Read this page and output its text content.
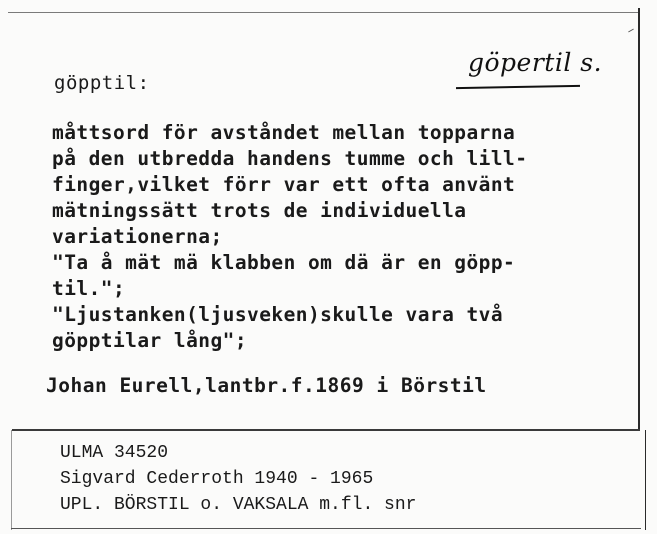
göpptil:
göpertil s.
måttsord för avståndet mellan topparna
på den utbredda handens tumme och lill-
finger,vilket förr var ett ofta använt
mätningssätt trots de individuella
variationerna;
"Ta å mät mä klabben om dä är en göpp-
til.";
"Ljustanken(ljusveken)skulle vara två
göpptilar lång";
Johan Eurell,lantbr.f.1869 i Börstil
ULMA 34520
Sigvard Cederroth 1940 - 1965
UPL. BÖRSTIL o. VAKSALA m.fl. snr
